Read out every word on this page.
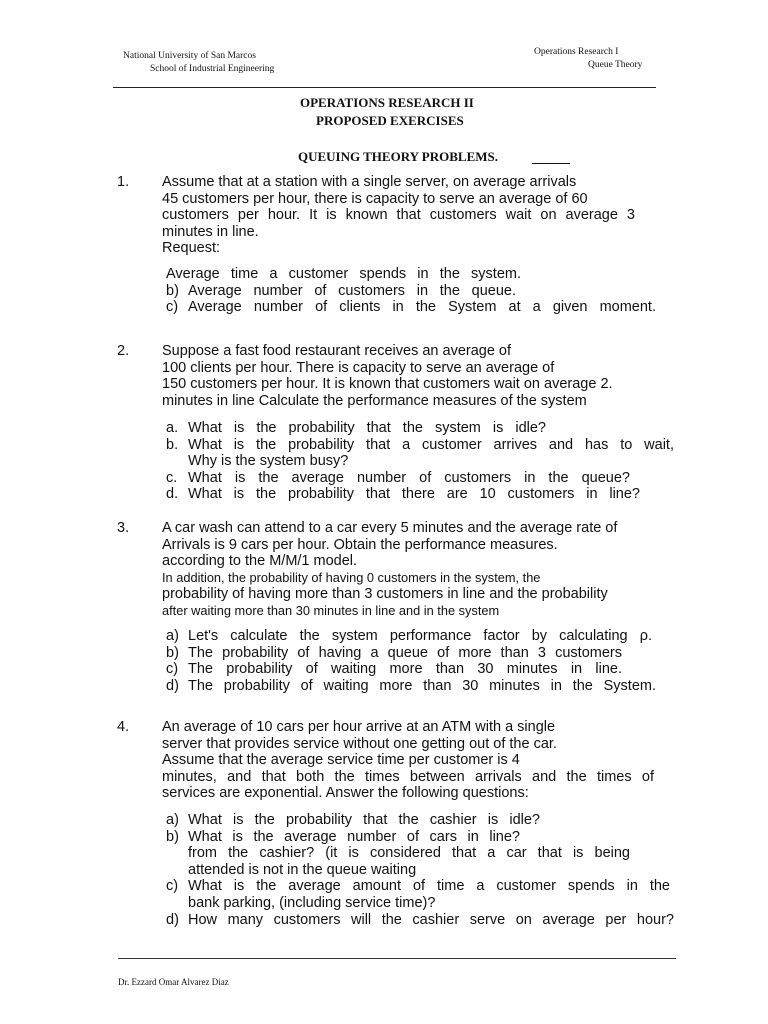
National University of San Marcos
School of Industrial Engineering
Operations Research I
Queue Theory
OPERATIONS RESEARCH II
PROPOSED EXERCISES
QUEUING THEORY PROBLEMS.
1. Assume that at a station with a single server, on average arrivals
45 customers per hour, there is capacity to serve an average of 60
customers per hour. It is known that customers wait on average 3
minutes in line.
Request:
Average time a customer spends in the system.
b) Average number of customers in the queue.
c) Average number of clients in the System at a given moment.
2. Suppose a fast food restaurant receives an average of
100 clients per hour. There is capacity to serve an average of
150 customers per hour. It is known that customers wait on average 2.
minutes in line Calculate the performance measures of the system
a. What is the probability that the system is idle?
b. What is the probability that a customer arrives and has to wait,
Why is the system busy?
c. What is the average number of customers in the queue?
d. What is the probability that there are 10 customers in line?
3. A car wash can attend to a car every 5 minutes and the average rate of
Arrivals is 9 cars per hour. Obtain the performance measures.
according to the M/M/1 model.
In addition, the probability of having 0 customers in the system, the
probability of having more than 3 customers in line and the probability
after waiting more than 30 minutes in line and in the system
a) Let's calculate the system performance factor by calculating ρ.
b) The probability of having a queue of more than 3 customers
c) The probability of waiting more than 30 minutes in line.
d) The probability of waiting more than 30 minutes in the System.
4. An average of 10 cars per hour arrive at an ATM with a single
server that provides service without one getting out of the car.
Assume that the average service time per customer is 4
minutes, and that both the times between arrivals and the times of
services are exponential. Answer the following questions:
a) What is the probability that the cashier is idle?
b) What is the average number of cars in line?
from the cashier? (it is considered that a car that is being
attended is not in the queue waiting
c) What is the average amount of time a customer spends in the
bank parking, (including service time)?
d) How many customers will the cashier serve on average per hour?
Dr. Ezzard Omar Alvarez Diaz
